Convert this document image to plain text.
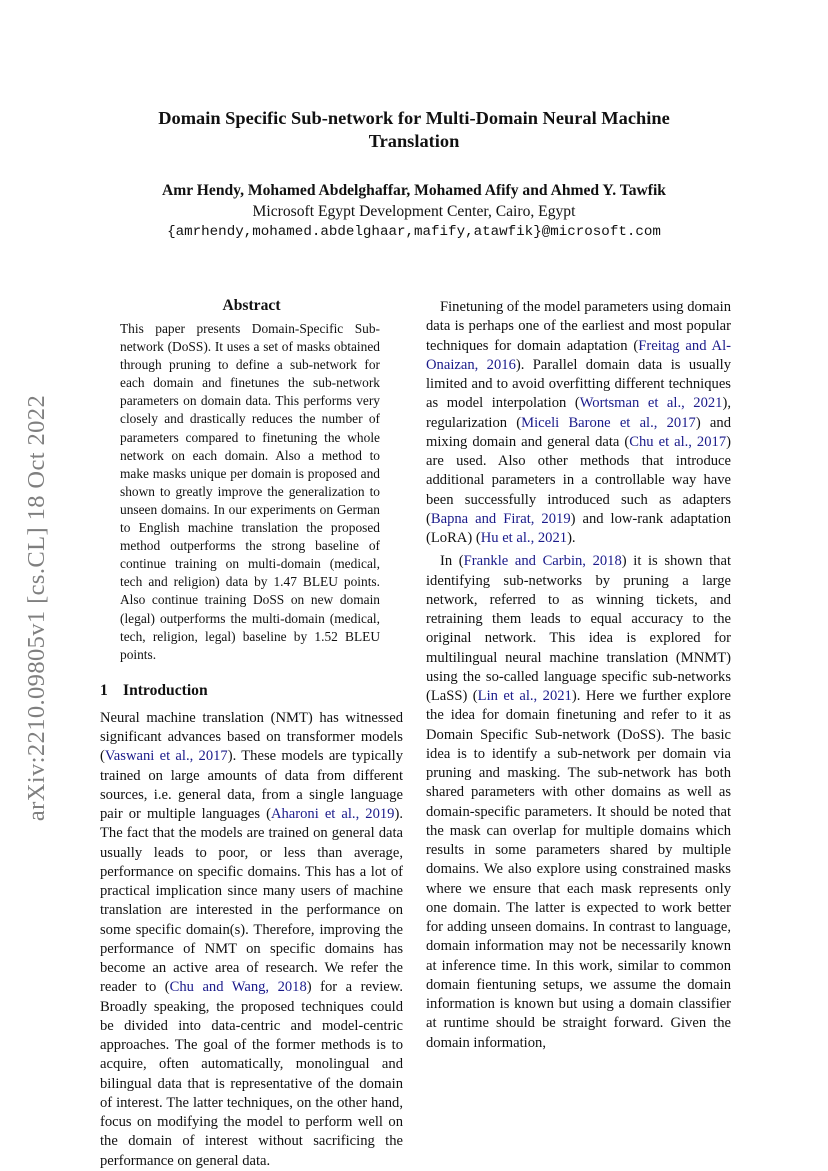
arXiv:2210.09805v1 [cs.CL] 18 Oct 2022
Domain Specific Sub-network for Multi-Domain Neural Machine
Translation
Amr Hendy, Mohamed Abdelghaffar, Mohamed Afify and Ahmed Y. Tawfik
Microsoft Egypt Development Center, Cairo, Egypt
{amrhendy,mohamed.abdelghaar,mafify,atawfik}@microsoft.com
Abstract

This paper presents Domain-Specific Sub-network (DoSS). It uses a set of masks obtained through pruning to define a sub-network for each domain and finetunes the sub-network parameters on domain data. This performs very closely and drastically reduces the number of parameters compared to finetuning the whole network on each domain. Also a method to make masks unique per domain is proposed and shown to greatly improve the generalization to unseen domains. In our experiments on German to English machine translation the proposed method outperforms the strong baseline of continue training on multi-domain (medical, tech and religion) data by 1.47 BLEU points. Also continue training DoSS on new domain (legal) outperforms the multi-domain (medical, tech, religion, legal) baseline by 1.52 BLEU points.

1 Introduction

Neural machine translation (NMT) has witnessed significant advances based on transformer models (Vaswani et al., 2017). These models are typically trained on large amounts of data from different sources, i.e. general data, from a single language pair or multiple languages (Aharoni et al., 2019). The fact that the models are trained on general data usually leads to poor, or less than average, performance on specific domains. This has a lot of practical implication since many users of machine translation are interested in the performance on some specific domain(s). Therefore, improving the performance of NMT on specific domains has become an active area of research. We refer the reader to (Chu and Wang, 2018) for a review. Broadly speaking, the proposed techniques could be divided into data-centric and model-centric approaches. The goal of the former methods is to acquire, often automatically, monolingual and bilingual data that is representative of the domain of interest. The latter techniques, on the other hand, focus on modifying the model to perform well on the domain of interest without sacrificing the performance on general data.

Finetuning of the model parameters using domain data is perhaps one of the earliest and most popular techniques for domain adaptation (Freitag and Al-Onaizan, 2016). Parallel domain data is usually limited and to avoid overfitting different techniques as model interpolation (Wortsman et al., 2021), regularization (Miceli Barone et al., 2017) and mixing domain and general data (Chu et al., 2017) are used. Also other methods that introduce additional parameters in a controllable way have been successfully introduced such as adapters (Bapna and Firat, 2019) and low-rank adaptation (LoRA) (Hu et al., 2021).

In (Frankle and Carbin, 2018) it is shown that identifying sub-networks by pruning a large network, referred to as winning tickets, and retraining them leads to equal accuracy to the original network. This idea is explored for multilingual neural machine translation (MNMT) using the so-called language specific sub-networks (LaSS) (Lin et al., 2021). Here we further explore the idea for domain finetuning and refer to it as Domain Specific Sub-network (DoSS). The basic idea is to identify a sub-network per domain via pruning and masking. The sub-network has both shared parameters with other domains as well as domain-specific parameters. It should be noted that the mask can overlap for multiple domains which results in some parameters shared by multiple domains. We also explore using constrained masks where we ensure that each mask represents only one domain. The latter is expected to work better for adding unseen domains. In contrast to language, domain information may not be necessarily known at inference time. In this work, similar to common domain fientuning setups, we assume the domain information is known but using a domain classifier at runtime should be straight forward. Given the domain information,
